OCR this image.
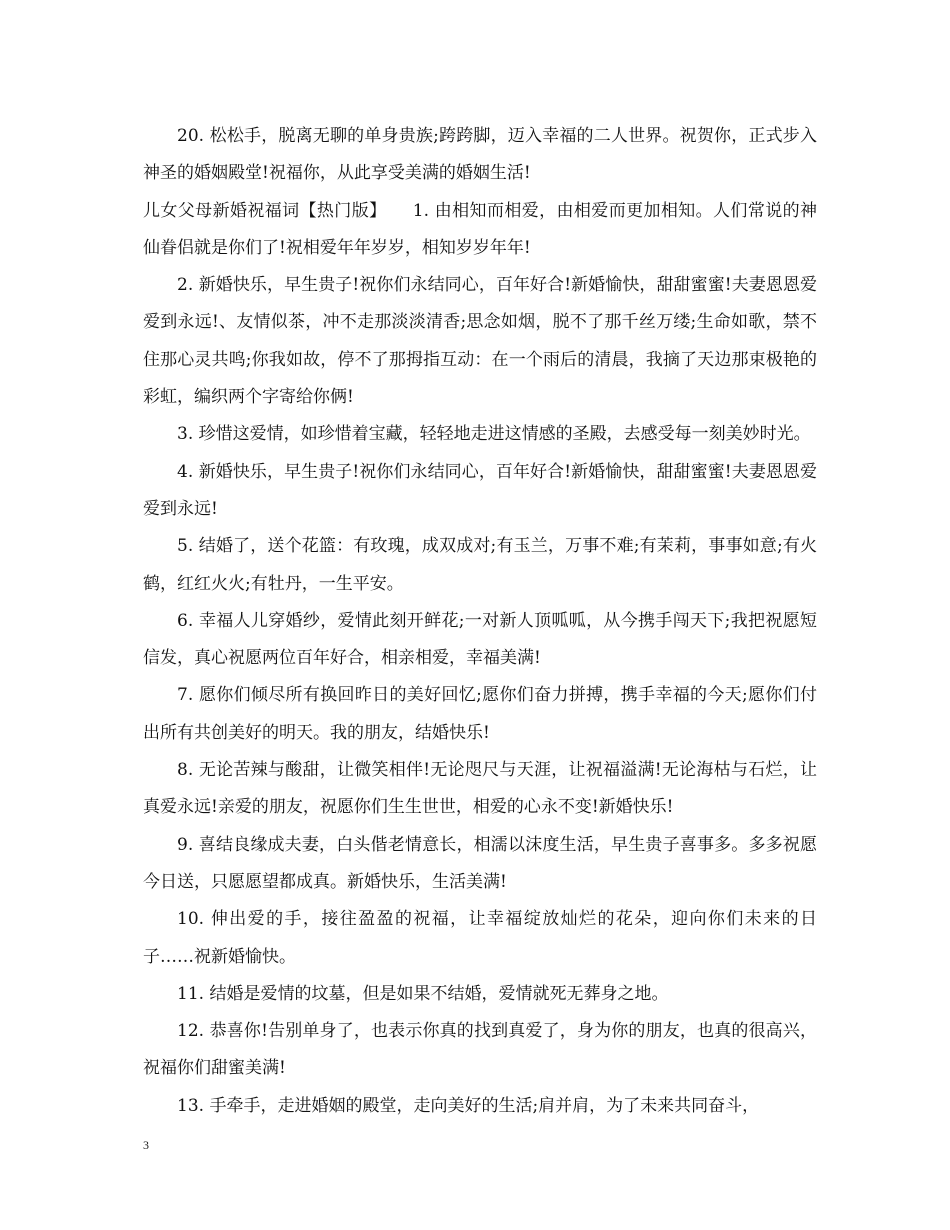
20. 松松手，脱离无聊的单身贵族;跨跨脚，迈入幸福的二人世界。祝贺你，正式步入神圣的婚姻殿堂!祝福你，从此享受美满的婚姻生活!

儿女父母新婚祝福词【热门版】　　1. 由相知而相爱，由相爱而更加相知。人们常说的神仙眷侣就是你们了!祝相爱年年岁岁，相知岁岁年年!

2. 新婚快乐，早生贵子!祝你们永结同心，百年好合!新婚愉快，甜甜蜜蜜!夫妻恩恩爱爱到永远!、友情似茶，冲不走那淡淡清香;思念如烟，脱不了那千丝万缕;生命如歌，禁不住那心灵共鸣;你我如故，停不了那拇指互动：在一个雨后的清晨，我摘了天边那束极艳的彩虹，编织两个字寄给你俩!

3. 珍惜这爱情，如珍惜着宝藏，轻轻地走进这情感的圣殿，去感受每一刻美妙时光。

4. 新婚快乐，早生贵子!祝你们永结同心，百年好合!新婚愉快，甜甜蜜蜜!夫妻恩恩爱爱到永远!

5. 结婚了，送个花篮：有玫瑰，成双成对;有玉兰，万事不难;有茉莉，事事如意;有火鹤，红红火火;有牡丹，一生平安。

6. 幸福人儿穿婚纱，爱情此刻开鲜花;一对新人顶呱呱，从今携手闯天下;我把祝愿短信发，真心祝愿两位百年好合，相亲相爱，幸福美满!

7. 愿你们倾尽所有换回昨日的美好回忆;愿你们奋力拼搏，携手幸福的今天;愿你们付出所有共创美好的明天。我的朋友，结婚快乐!

8. 无论苦辣与酸甜，让微笑相伴!无论咫尺与天涯，让祝福溢满!无论海枯与石烂，让真爱永远!亲爱的朋友，祝愿你们生生世世，相爱的心永不变!新婚快乐!

9. 喜结良缘成夫妻，白头偕老情意长，相濡以沫度生活，早生贵子喜事多。多多祝愿今日送，只愿愿望都成真。新婚快乐，生活美满!

10. 伸出爱的手，接往盈盈的祝福，让幸福绽放灿烂的花朵，迎向你们未来的日子……祝新婚愉快。

11. 结婚是爱情的坟墓，但是如果不结婚，爱情就死无葬身之地。

12. 恭喜你!告别单身了，也表示你真的找到真爱了，身为你的朋友，也真的很高兴，祝福你们甜蜜美满!

13. 手牵手，走进婚姻的殿堂，走向美好的生活;肩并肩，为了未来共同奋斗，

3
